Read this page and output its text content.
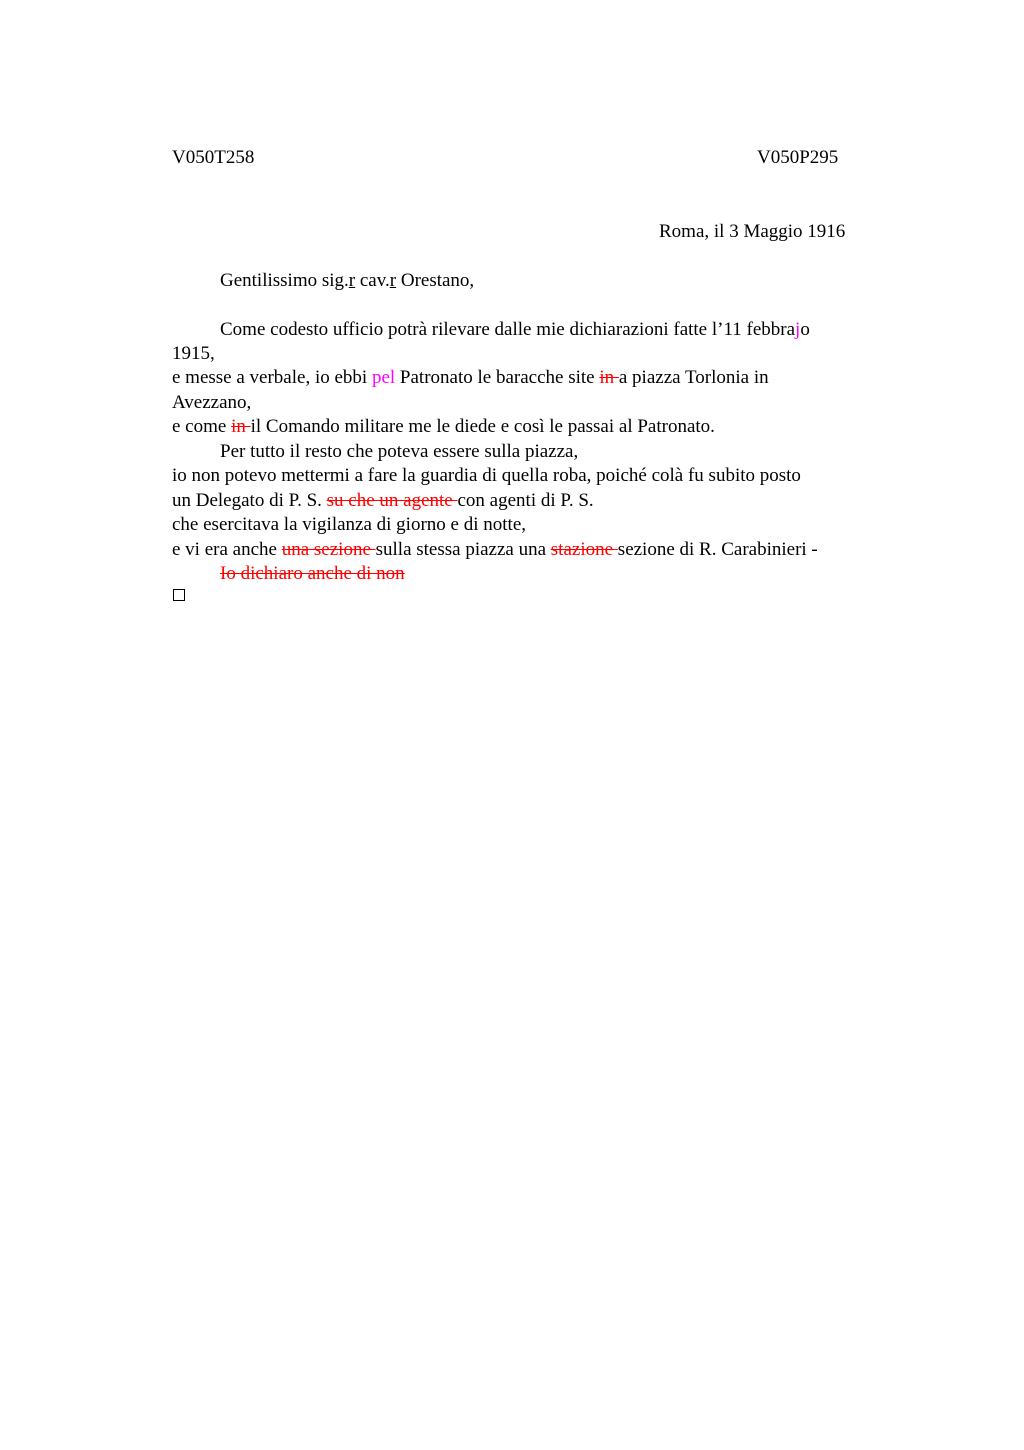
V050T258	V050P295
Roma, il 3 Maggio 1916
Gentilissimo sig.r cav.r Orestano,
Come codesto ufficio potrà rilevare dalle mie dichiarazioni fatte l’11 febbrajo
1915,
e messe a verbale, io ebbi pel Patronato le baracche site in a piazza Torlonia in
Avezzano,
e come in il Comando militare me le diede e così le passai al Patronato.
Per tutto il resto che poteva essere sulla piazza,
io non potevo mettermi a fare la guardia di quella roba, poiché colà fu subito posto
un Delegato di P. S. su che un agente con agenti di P. S.
che esercitava la vigilanza di giorno e di notte,
e vi era anche una sezione sulla stessa piazza una stazione sezione di R. Carabinieri -
Io dichiaro anche di non
